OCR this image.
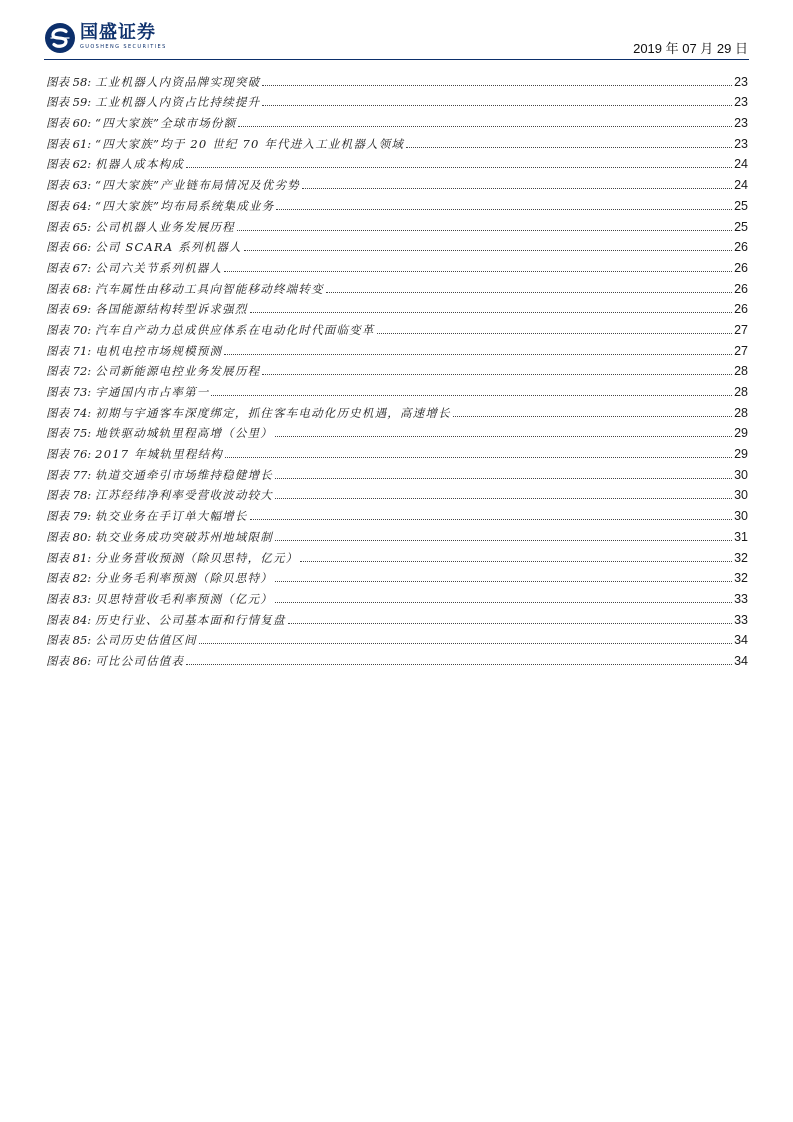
国盛证券
GUOSHENG SECURITIES	2019 年 07 月 29 日
图表 58: 工业机器人内资品牌实现突破	23
图表 59: 工业机器人内资占比持续提升	23
图表 60: “四大家族”全球市场份额	23
图表 61: “四大家族”均于 20 世纪 70 年代进入工业机器人领域	23
图表 62: 机器人成本构成	24
图表 63: “四大家族”产业链布局情况及优劣势	24
图表 64: “四大家族”均布局系统集成业务	25
图表 65: 公司机器人业务发展历程	25
图表 66: 公司 SCARA 系列机器人	26
图表 67: 公司六关节系列机器人	26
图表 68: 汽车属性由移动工具向智能移动终端转变	26
图表 69: 各国能源结构转型诉求强烈	26
图表 70: 汽车自产动力总成供应体系在电动化时代面临变革	27
图表 71: 电机电控市场规模预测	27
图表 72: 公司新能源电控业务发展历程	28
图表 73: 宇通国内市占率第一	28
图表 74: 初期与宇通客车深度绑定，抓住客车电动化历史机遇，高速增长	28
图表 75: 地铁驱动城轨里程高增（公里）	29
图表 76: 2017 年城轨里程结构	29
图表 77: 轨道交通牵引市场维持稳健增长	30
图表 78: 江苏经纬净利率受营收波动较大	30
图表 79: 轨交业务在手订单大幅增长	30
图表 80: 轨交业务成功突破苏州地域限制	31
图表 81: 分业务营收预测（除贝思特，亿元）	32
图表 82: 分业务毛利率预测（除贝思特）	32
图表 83: 贝思特营收毛利率预测（亿元）	33
图表 84: 历史行业、公司基本面和行情复盘	33
图表 85: 公司历史估值区间	34
图表 86: 可比公司估值表	34
